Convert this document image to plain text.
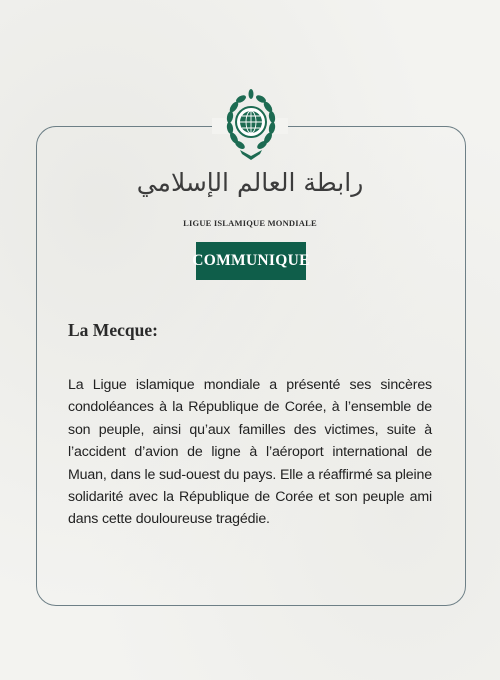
رابطة العالم الإسلامي
LIGUE ISLAMIQUE MONDIALE
COMMUNIQUE
La Mecque:
La Ligue islamique mondiale a présenté ses sincères condoléances à la République de Corée, à l’ensemble de son peuple, ainsi qu’aux familles des victimes, suite à l’accident d’avion de ligne à l’aéroport international de Muan, dans le sud-ouest du pays. Elle a réaffirmé sa pleine solidarité avec la République de Corée et son peuple ami dans cette douloureuse tragédie.
